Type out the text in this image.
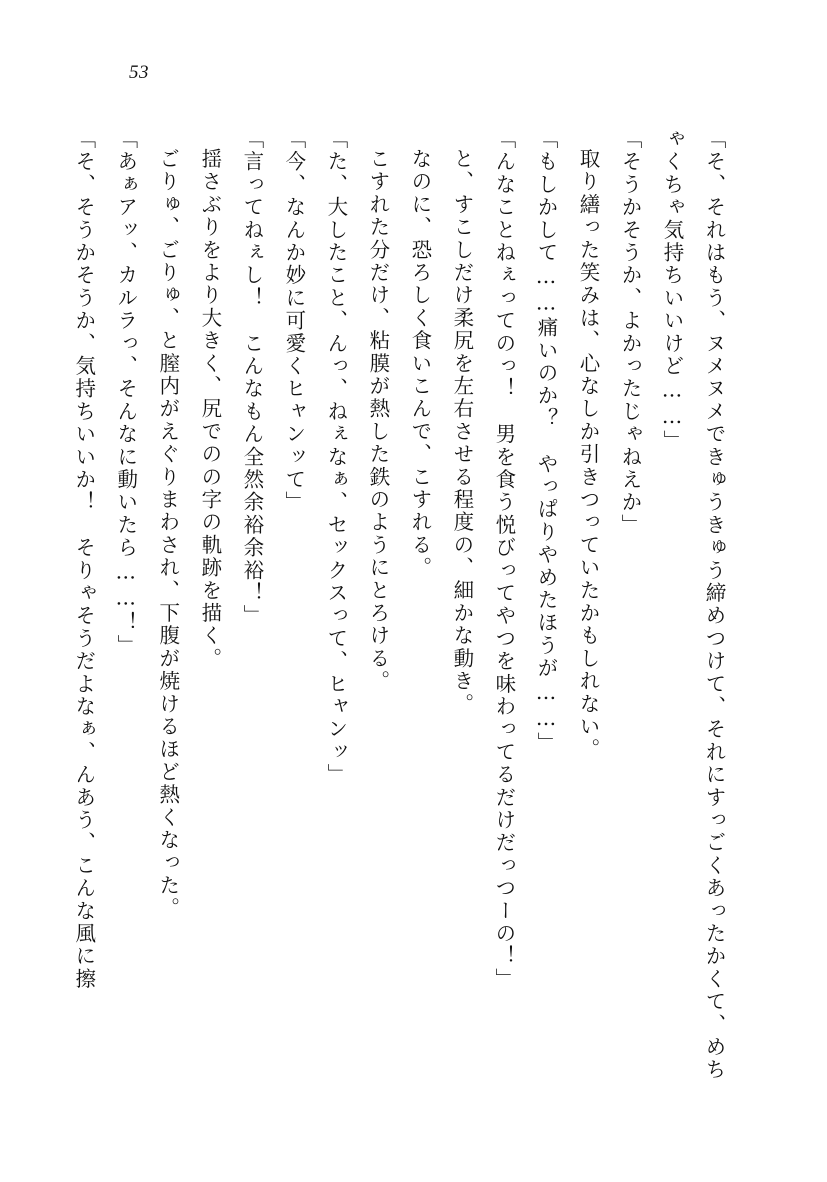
53

「そ、それはもう、ヌメヌメできゅうきゅう締めつけて、それにすっごくあったかくて、めちゃくちゃ気持ちいいけど……」

「そうかそうか、よかったじゃねえか」

取り繕った笑みは、心なしか引きつっていたかもしれない。

「もしかして……痛いのか？　やっぱりやめたほうが……」

「んなことねぇってのっ！　男を食う悦びってやつを味わってるだけだっつーの！」

と、すこしだけ柔尻を左右させる程度の、細かな動き。

なのに、恐ろしく食いこんで、こすれる。

こすれた分だけ、粘膜が熱した鉄のようにとろける。

「た、大したこと、んっ、ねぇなぁ、セックスって、ヒャンッ」

「今、なんか妙に可愛くヒャンッて」

「言ってねぇし！　こんなもん全然余裕余裕！」

揺さぶりをより大きく、尻でのの字の軌跡を描く。

ごりゅ、ごりゅ、と膣内がえぐりまわされ、下腹が焼けるほど熱くなった。

「あぁアッ、カルラっ、そんなに動いたら……！」

「そ、そうかそうか、気持ちいいか！　そりゃそうだよなぁ、んあう、こんな風に擦
